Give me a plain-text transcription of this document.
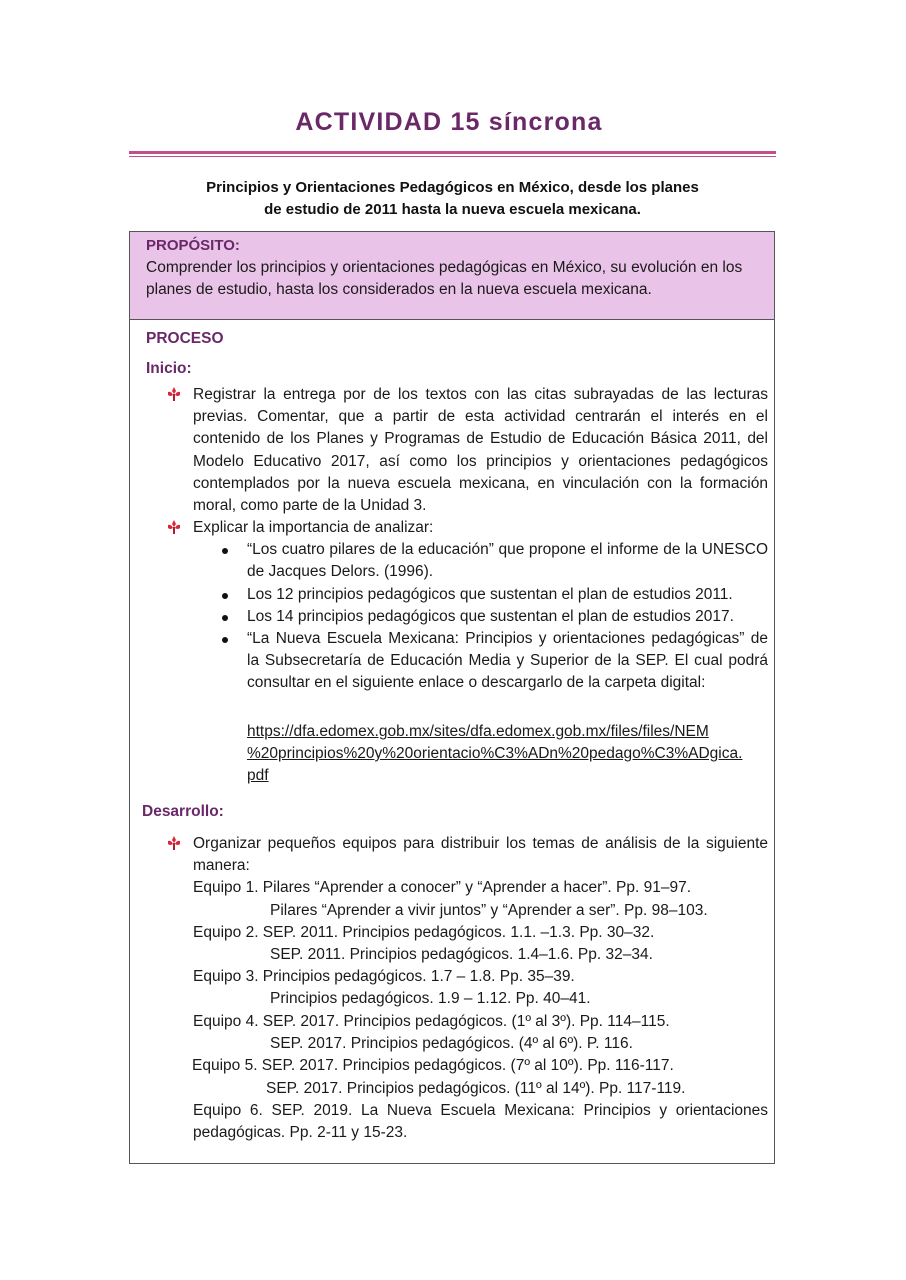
ACTIVIDAD 15 síncrona
Principios y Orientaciones Pedagógicos en México, desde los planes
de estudio de 2011 hasta la nueva escuela mexicana.
PROPÓSITO:
Comprender los principios y orientaciones pedagógicas en México, su evolución en los planes de estudio, hasta los considerados en la nueva escuela mexicana.
PROCESO
Inicio:
Registrar la entrega por de los textos con las citas subrayadas de las lecturas previas. Comentar, que a partir de esta actividad centrarán el interés en el contenido de los Planes y Programas de Estudio de Educación Básica 2011, del Modelo Educativo 2017, así como los principios y orientaciones pedagógicos contemplados por la nueva escuela mexicana, en vinculación con la formación moral, como parte de la Unidad 3.
Explicar la importancia de analizar:
“Los cuatro pilares de la educación” que propone el informe de la UNESCO de Jacques Delors. (1996).
Los 12 principios pedagógicos que sustentan el plan de estudios 2011.
Los 14 principios pedagógicos que sustentan el plan de estudios 2017.
“La Nueva Escuela Mexicana: Principios y orientaciones pedagógicas” de la Subsecretaría de Educación Media y Superior de la SEP. El cual podrá consultar en el siguiente enlace o descargarlo de la carpeta digital:
https://dfa.edomex.gob.mx/sites/dfa.edomex.gob.mx/files/files/NEM
%20principios%20y%20orientacio%C3%ADn%20pedago%C3%ADgica.
pdf
Desarrollo:
Organizar pequeños equipos para distribuir los temas de análisis de la siguiente manera:
Equipo 1. Pilares “Aprender a conocer” y “Aprender a hacer”. Pp. 91–97.
Pilares “Aprender a vivir juntos” y “Aprender a ser”. Pp. 98–103.
Equipo 2. SEP. 2011. Principios pedagógicos. 1.1. –1.3. Pp. 30–32.
SEP. 2011. Principios pedagógicos. 1.4–1.6. Pp. 32–34.
Equipo 3. Principios pedagógicos. 1.7 – 1.8. Pp. 35–39.
Principios pedagógicos. 1.9 – 1.12. Pp. 40–41.
Equipo 4. SEP. 2017. Principios pedagógicos. (1º al 3º). Pp. 114–115.
SEP. 2017. Principios pedagógicos. (4º al 6º). P. 116.
Equipo 5. SEP. 2017. Principios pedagógicos. (7º al 10º). Pp. 116-117.
SEP. 2017. Principios pedagógicos. (11º al 14º). Pp. 117-119.
Equipo 6. SEP. 2019. La Nueva Escuela Mexicana: Principios y orientaciones pedagógicas. Pp. 2-11 y 15-23.
